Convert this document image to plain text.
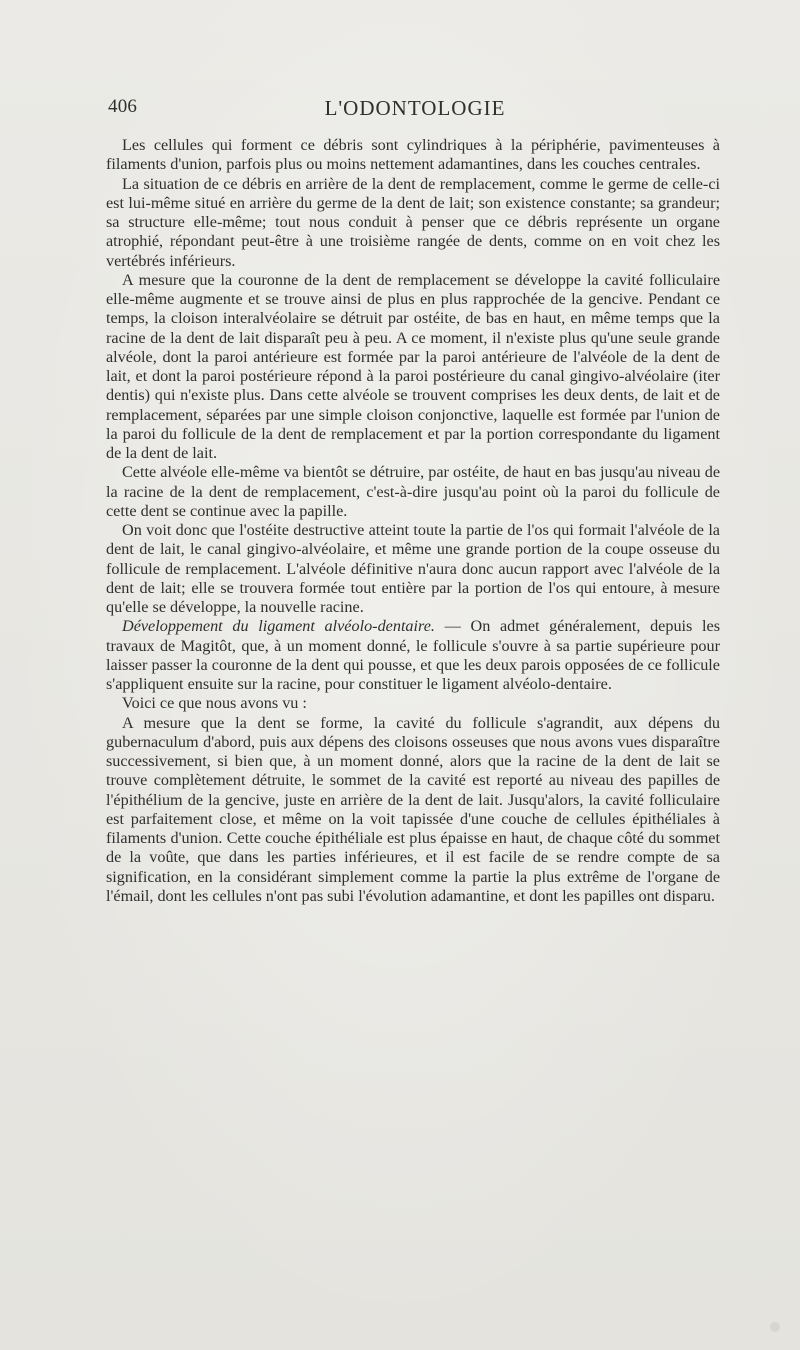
406	L'ODONTOLOGIE

Les cellules qui forment ce débris sont cylindriques à la périphérie, pavimenteuses à filaments d'union, parfois plus ou moins nettement adamantines, dans les couches centrales.

La situation de ce débris en arrière de la dent de remplacement, comme le germe de celle-ci est lui-même situé en arrière du germe de la dent de lait; son existence constante; sa grandeur; sa structure elle-même; tout nous conduit à penser que ce débris représente un organe atrophié, répondant peut-être à une troisième rangée de dents, comme on en voit chez les vertébrés inférieurs.

A mesure que la couronne de la dent de remplacement se développe la cavité folliculaire elle-même augmente et se trouve ainsi de plus en plus rapprochée de la gencive. Pendant ce temps, la cloison interalvéolaire se détruit par ostéite, de bas en haut, en même temps que la racine de la dent de lait disparaît peu à peu. A ce moment, il n'existe plus qu'une seule grande alvéole, dont la paroi antérieure est formée par la paroi antérieure de l'alvéole de la dent de lait, et dont la paroi postérieure répond à la paroi postérieure du canal gingivo-alvéolaire (iter dentis) qui n'existe plus. Dans cette alvéole se trouvent comprises les deux dents, de lait et de remplacement, séparées par une simple cloison conjonctive, laquelle est formée par l'union de la paroi du follicule de la dent de remplacement et par la portion correspondante du ligament de la dent de lait.

Cette alvéole elle-même va bientôt se détruire, par ostéite, de haut en bas jusqu'au niveau de la racine de la dent de remplacement, c'est-à-dire jusqu'au point où la paroi du follicule de cette dent se continue avec la papille.

On voit donc que l'ostéite destructive atteint toute la partie de l'os qui formait l'alvéole de la dent de lait, le canal gingivo-alvéolaire, et même une grande portion de la coupe osseuse du follicule de remplacement. L'alvéole définitive n'aura donc aucun rapport avec l'alvéole de la dent de lait; elle se trouvera formée tout entière par la portion de l'os qui entoure, à mesure qu'elle se développe, la nouvelle racine.

Développement du ligament alvéolo-dentaire. — On admet généralement, depuis les travaux de Magitôt, que, à un moment donné, le follicule s'ouvre à sa partie supérieure pour laisser passer la couronne de la dent qui pousse, et que les deux parois opposées de ce follicule s'appliquent ensuite sur la racine, pour constituer le ligament alvéolo-dentaire.

Voici ce que nous avons vu :

A mesure que la dent se forme, la cavité du follicule s'agrandit, aux dépens du gubernaculum d'abord, puis aux dépens des cloisons osseuses que nous avons vues disparaître successivement, si bien que, à un moment donné, alors que la racine de la dent de lait se trouve complètement détruite, le sommet de la cavité est reporté au niveau des papilles de l'épithélium de la gencive, juste en arrière de la dent de lait. Jusqu'alors, la cavité folliculaire est parfaitement close, et même on la voit tapissée d'une couche de cellules épithéliales à filaments d'union. Cette couche épithéliale est plus épaisse en haut, de chaque côté du sommet de la voûte, que dans les parties inférieures, et il est facile de se rendre compte de sa signification, en la considérant simplement comme la partie la plus extrême de l'organe de l'émail, dont les cellules n'ont pas subi l'évolution adamantine, et dont les papilles ont disparu.
